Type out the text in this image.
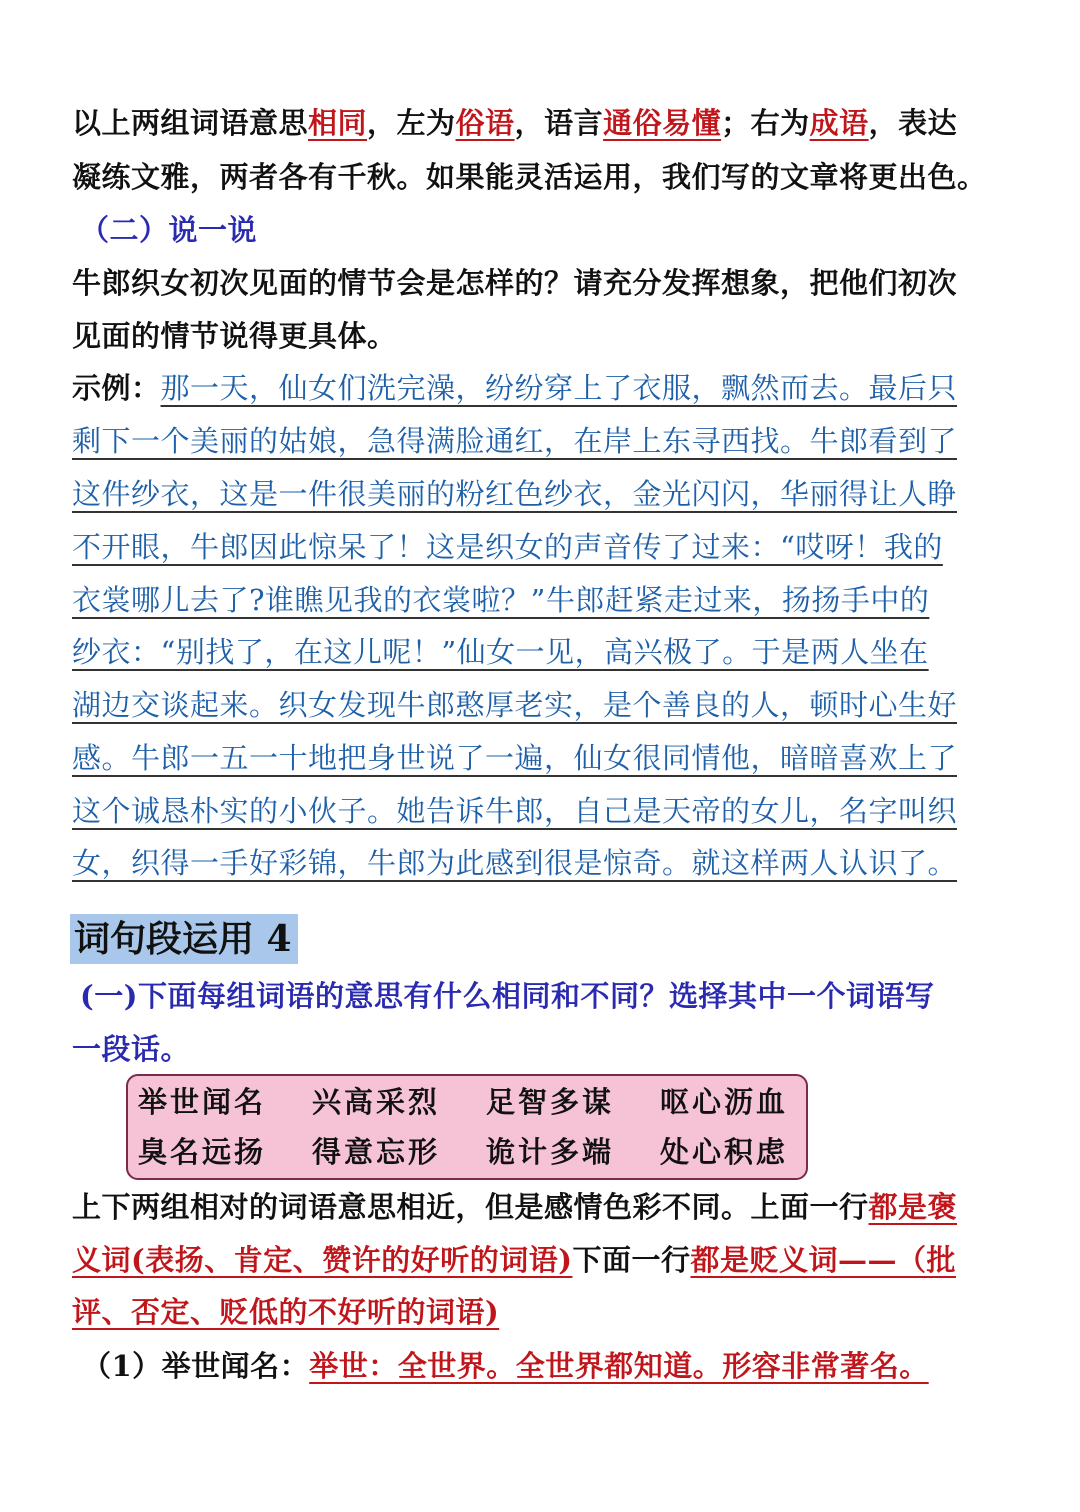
以上两组词语意思相同，左为俗语，语言通俗易懂；右为成语，表达
凝练文雅，两者各有千秋。如果能灵活运用，我们写的文章将更出色。
（二）说一说
牛郎织女初次见面的情节会是怎样的？请充分发挥想象，把他们初次
见面的情节说得更具体。
示例：那一天，仙女们洗完澡，纷纷穿上了衣服，飘然而去。最后只
剩下一个美丽的姑娘，急得满脸通红，在岸上东寻西找。牛郎看到了
这件纱衣，这是一件很美丽的粉红色纱衣，金光闪闪，华丽得让人睁
不开眼，牛郎因此惊呆了！这是织女的声音传了过来：“哎呀！我的
衣裳哪儿去了?谁瞧见我的衣裳啦？”牛郎赶紧走过来，扬扬手中的
纱衣：“别找了，在这儿呢！”仙女一见，高兴极了。于是两人坐在
湖边交谈起来。织女发现牛郎憨厚老实，是个善良的人，顿时心生好
感。牛郎一五一十地把身世说了一遍，仙女很同情他，暗暗喜欢上了
这个诚恳朴实的小伙子。她告诉牛郎，自己是天帝的女儿，名字叫织
女，织得一手好彩锦，牛郎为此感到很是惊奇。就这样两人认识了。
词句段运用 4
(一)下面每组词语的意思有什么相同和不同？选择其中一个词语写
一段话。
举世闻名 兴高采烈 足智多谋 呕心沥血
臭名远扬 得意忘形 诡计多端 处心积虑
上下两组相对的词语意思相近，但是感情色彩不同。上面一行都是褒
义词(表扬、肯定、赞许的好听的词语)下面一行都是贬义词——（批
评、否定、贬低的不好听的词语)
（1）举世闻名：举世：全世界。全世界都知道。形容非常著名。
